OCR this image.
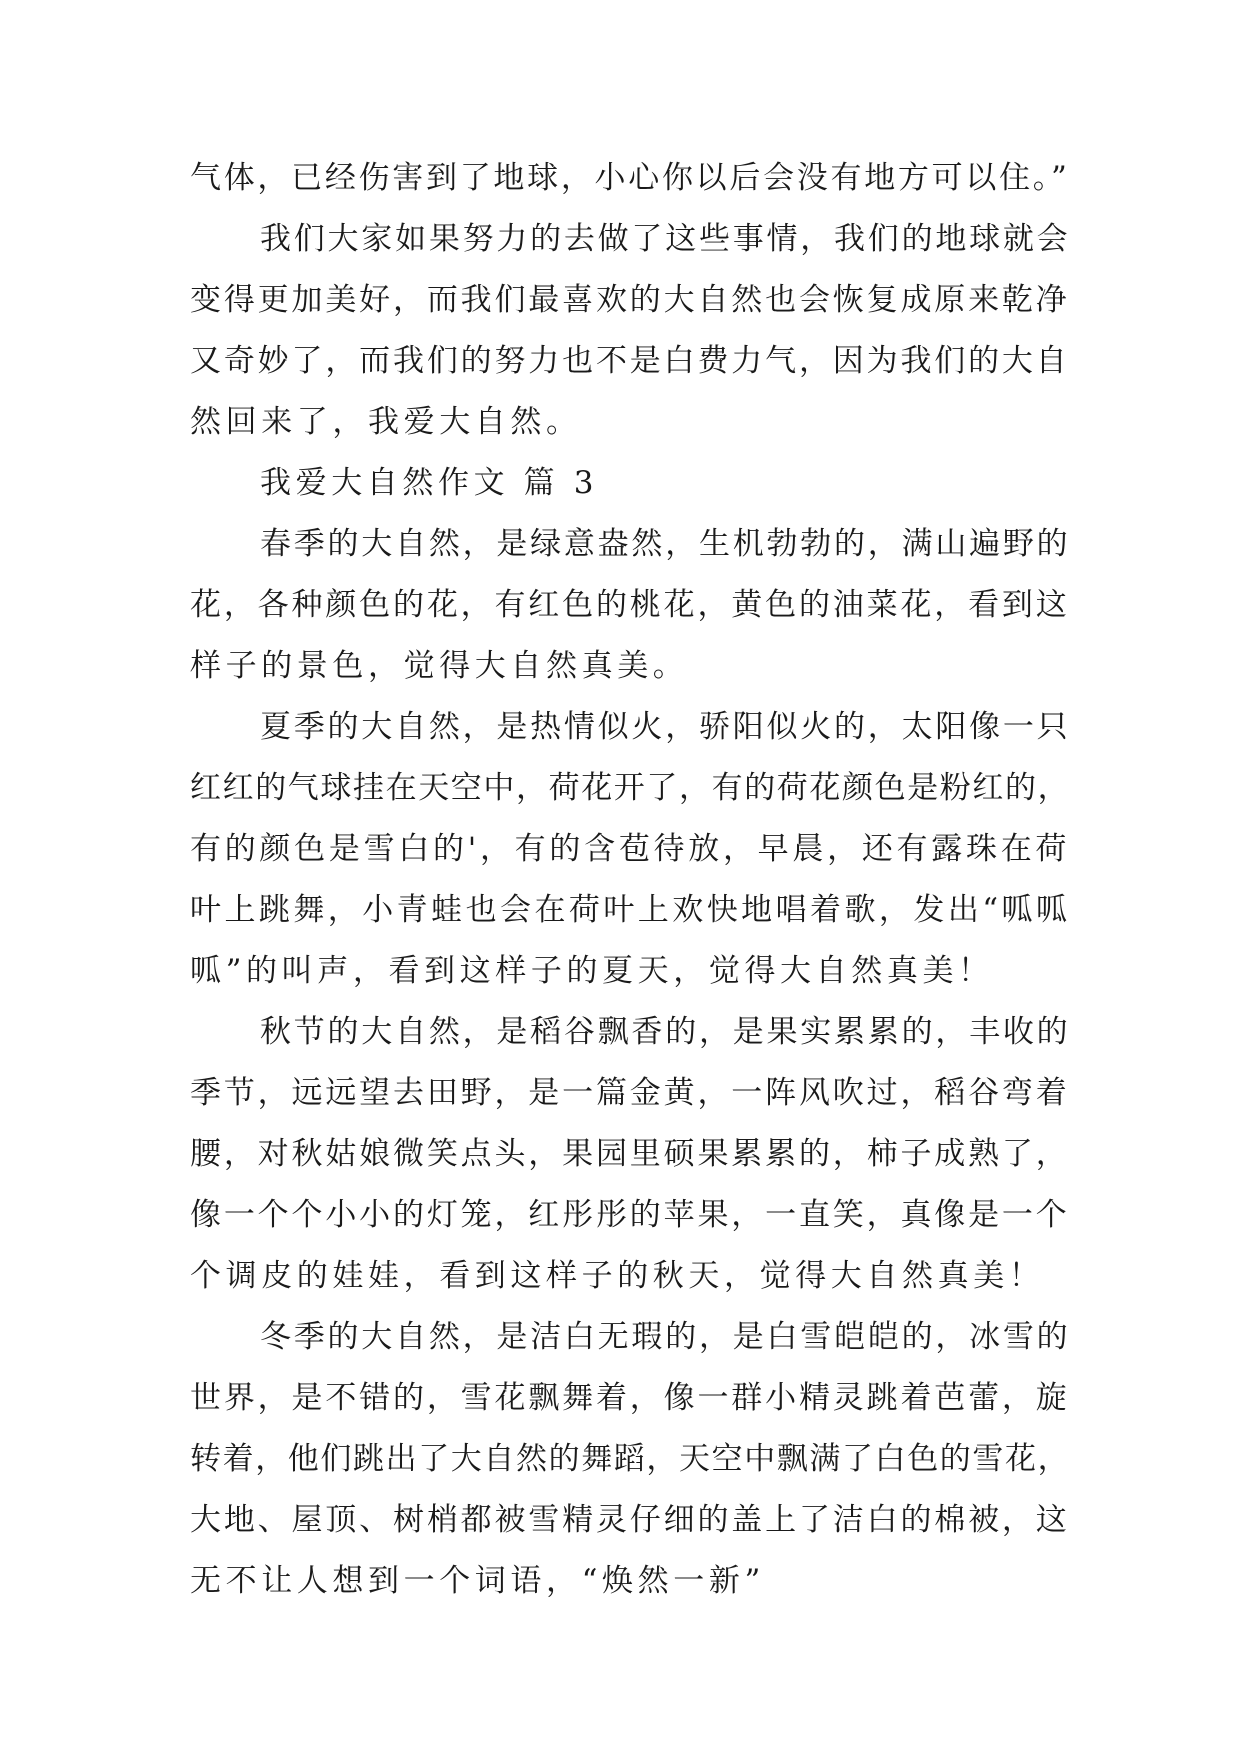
气体，已经伤害到了地球，小心你以后会没有地方可以住。”
我们大家如果努力的去做了这些事情，我们的地球就会
变得更加美好，而我们最喜欢的大自然也会恢复成原来乾净
又奇妙了，而我们的努力也不是白费力气，因为我们的大自
然回来了，我爱大自然。
我爱大自然作文 篇 3
春季的大自然，是绿意盎然，生机勃勃的，满山遍野的
花，各种颜色的花，有红色的桃花，黄色的油菜花，看到这
样子的景色，觉得大自然真美。
夏季的大自然，是热情似火，骄阳似火的，太阳像一只
红红的气球挂在天空中，荷花开了，有的荷花颜色是粉红的，
有的颜色是雪白的'，有的含苞待放，早晨，还有露珠在荷
叶上跳舞，小青蛙也会在荷叶上欢快地唱着歌，发出“呱呱
呱”的叫声，看到这样子的夏天，觉得大自然真美！
秋节的大自然，是稻谷飘香的，是果实累累的，丰收的
季节，远远望去田野，是一篇金黄，一阵风吹过，稻谷弯着
腰，对秋姑娘微笑点头，果园里硕果累累的，柿子成熟了，
像一个个小小的灯笼，红彤彤的苹果，一直笑，真像是一个
个调皮的娃娃，看到这样子的秋天，觉得大自然真美！
冬季的大自然，是洁白无瑕的，是白雪皑皑的，冰雪的
世界，是不错的，雪花飘舞着，像一群小精灵跳着芭蕾，旋
转着，他们跳出了大自然的舞蹈，天空中飘满了白色的雪花，
大地、屋顶、树梢都被雪精灵仔细的盖上了洁白的棉被，这
无不让人想到一个词语，“焕然一新”
